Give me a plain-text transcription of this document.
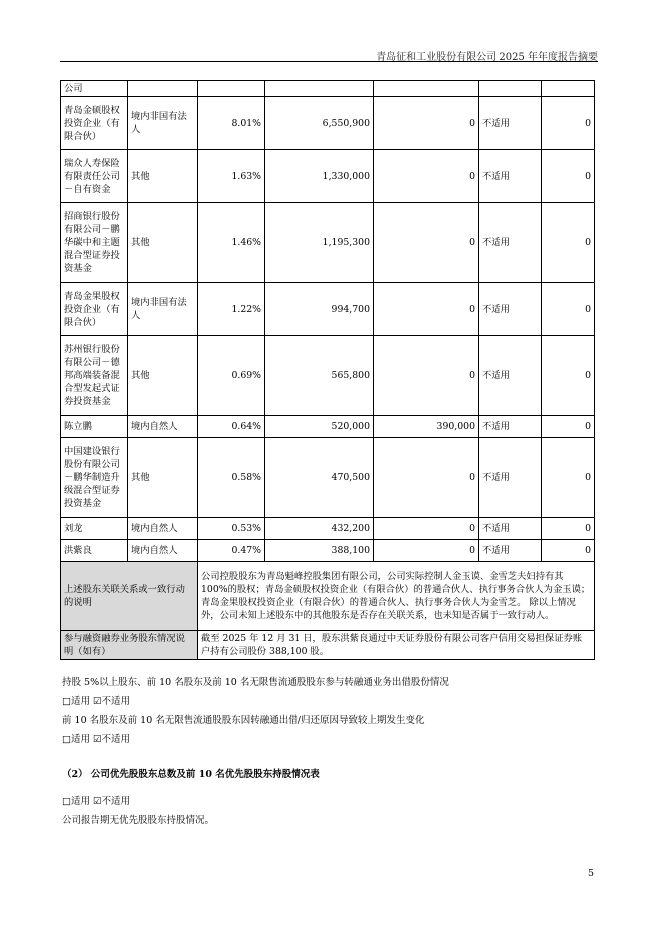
青岛征和工业股份有限公司 2025 年年度报告摘要
公司						
青岛金硕股权投资企业（有限合伙）	境内非国有法人	8.01%	6,550,900	0	不适用	0
瑞众人寿保险有限责任公司－自有资金	其他	1.63%	1,330,000	0	不适用	0
招商银行股份有限公司－鹏华碳中和主题混合型证券投资基金	其他	1.46%	1,195,300	0	不适用	0
青岛金果股权投资企业（有限合伙）	境内非国有法人	1.22%	994,700	0	不适用	0
苏州银行股份有限公司－德邦高端装备混合型发起式证券投资基金	其他	0.69%	565,800	0	不适用	0
陈立鹏	境内自然人	0.64%	520,000	390,000	不适用	0
中国建设银行股份有限公司－鹏华制造升级混合型证券投资基金	其他	0.58%	470,500	0	不适用	0
刘龙	境内自然人	0.53%	432,200	0	不适用	0
洪紫良	境内自然人	0.47%	388,100	0	不适用	0
上述股东关联关系或一致行动的说明		公司控股股东为青岛魁峰控股集团有限公司，公司实际控制人金玉谟、金雪芝夫妇持有其 100%的股权；青岛金硕股权投资企业（有限合伙）的普通合伙人、执行事务合伙人为金玉谟；青岛金果股权投资企业（有限合伙）的普通合伙人、执行事务合伙人为金雪芝。 除以上情况外，公司未知上述股东中的其他股东是否存在关联关系，也未知是否属于一致行动人。				
参与融资融券业务股东情况说明（如有）		截至 2025 年 12 月 31 日，股东洪紫良通过中天证券股份有限公司客户信用交易担保证券账户持有公司股份 388,100 股。				
持股 5%以上股东、前 10 名股东及前 10 名无限售流通股股东参与转融通业务出借股份情况
□适用 ☑不适用
前 10 名股东及前 10 名无限售流通股股东因转融通出借/归还原因导致较上期发生变化
□适用 ☑不适用
（2） 公司优先股股东总数及前 10 名优先股股东持股情况表
□适用 ☑不适用
公司报告期无优先股股东持股情况。
5
